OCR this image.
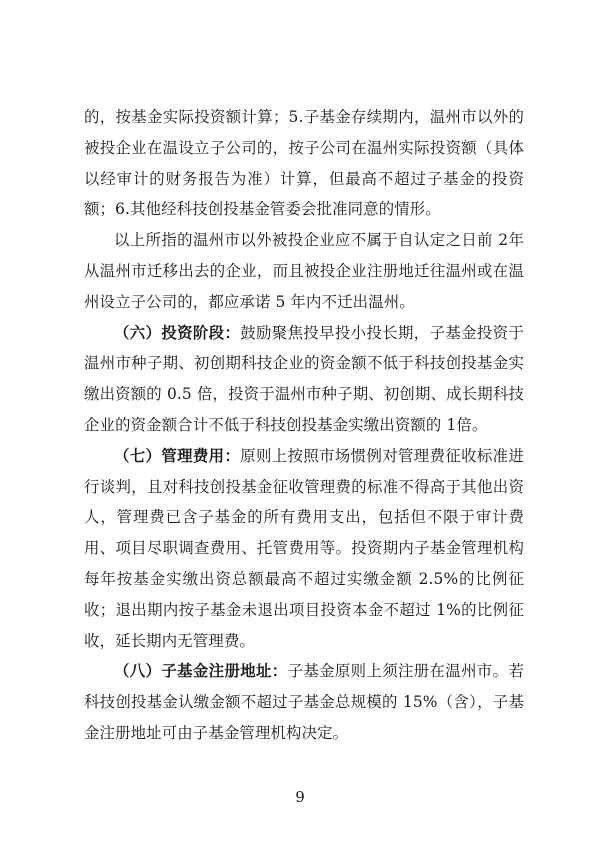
的，按基金实际投资额计算；5.子基金存续期内，温州市以外的被投企业在温设立子公司的，按子公司在温州实际投资额（具体以经审计的财务报告为准）计算，但最高不超过子基金的投资额；6.其他经科技创投基金管委会批准同意的情形。

以上所指的温州市以外被投企业应不属于自认定之日前 2年从温州市迁移出去的企业，而且被投企业注册地迁往温州或在温州设立子公司的，都应承诺 5 年内不迁出温州。

（六）投资阶段：鼓励聚焦投早投小投长期，子基金投资于温州市种子期、初创期科技企业的资金额不低于科技创投基金实缴出资额的 0.5 倍，投资于温州市种子期、初创期、成长期科技企业的资金额合计不低于科技创投基金实缴出资额的 1倍。

（七）管理费用：原则上按照市场惯例对管理费征收标准进行谈判，且对科技创投基金征收管理费的标准不得高于其他出资人，管理费已含子基金的所有费用支出，包括但不限于审计费用、项目尽职调查费用、托管费用等。投资期内子基金管理机构每年按基金实缴出资总额最高不超过实缴金额 2.5%的比例征收；退出期内按子基金未退出项目投资本金不超过 1%的比例征收，延长期内无管理费。

（八）子基金注册地址：子基金原则上须注册在温州市。若科技创投基金认缴金额不超过子基金总规模的 15%（含），子基金注册地址可由子基金管理机构决定。

9
